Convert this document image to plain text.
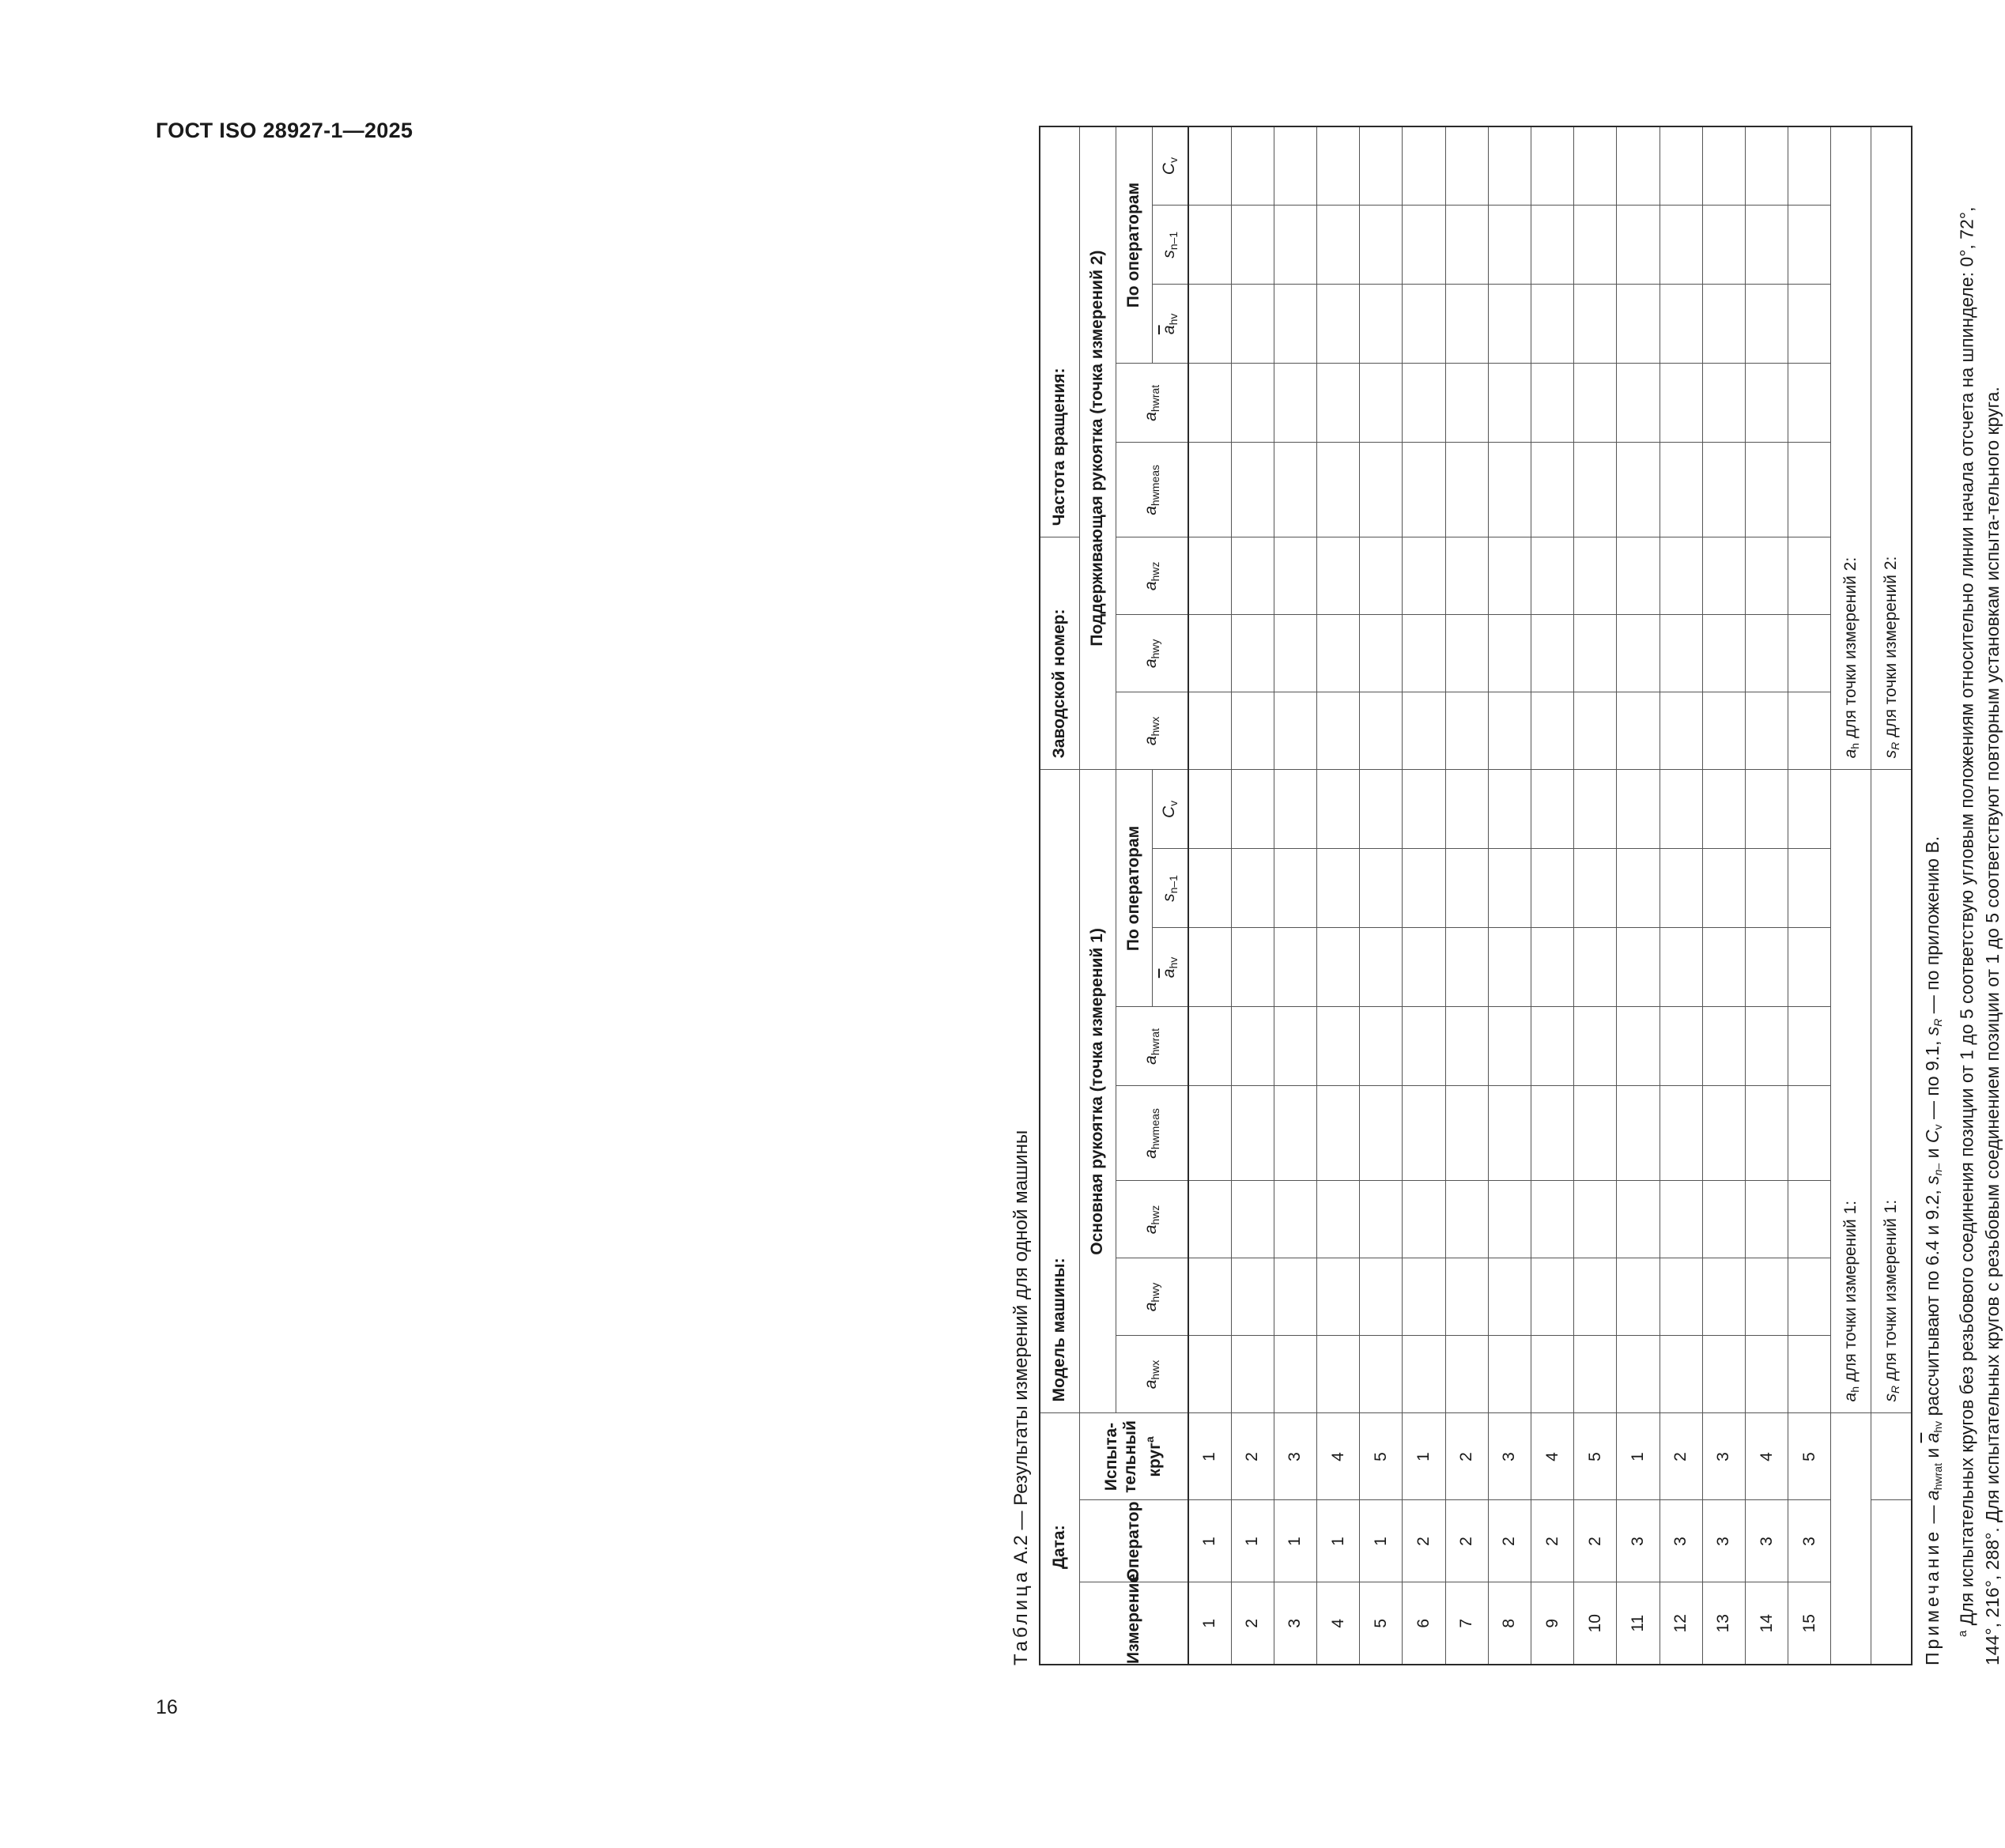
ГОСТ ISO 28927-1—2025
16
Таблица А.2 — Результаты измерений для одной машины Дата:			Модель машины:								Заводской номер:			Частота вращения:				
Измерение	Оператор	Испыта-
тельный круг$^a$	Основная рукоятка (точка измерений 1)								Поддерживающая рукоятка (точка измерений 2)							
			$a_{hwx}$	$a_{hwy}$	$a_{hwz}$	$a_{hwmeas}$	$a_{hwrat}$	По операторам			$a_{hwx}$	$a_{hwy}$	$a_{hwz}$	$a_{hwmeas}$	$a_{hwrat}$	По операторам		
								$\overline{a}_{hv}$	$s_{n-1}$	$C_v$						$\overline{a}_{hv}$	$s_{n-1}$	$C_v$
1	1	1																
2	1	2																
3	1	3																
4	1	4																
5	1	5																
6	2	1																
7	2	2																
8	2	3																
9	2	4																
10	2	5																
11	3	1																
12	3	2																
13	3	3																
14	3	4																
15	3	5																
			$a_h$ для точки измерений 1:								$a_h$ для точки измерений 2:							
			$s_R$ для точки измерений 1:								$s_R$ для точки измерений 2:							

Примечание — $a_{hwrat}$ и $\overline{a}_{hv}$ рассчитывают по 6.4 и 9.2, $s_{n-}$ и $C_v$ — по 9.1, $s_R$ — по приложению В.

$^a$ Для испытательных кругов без резьбового соединения позиции от 1 до 5 соответствую угловым положениям относительно линии начала отсчета на шпинделе: 0°, 72°, 144°, 216°, 288°. Для испытательных кругов с резьбовым соединением позиции от 1 до 5 соответствуют повторным установкам испыта-тельного круга.
